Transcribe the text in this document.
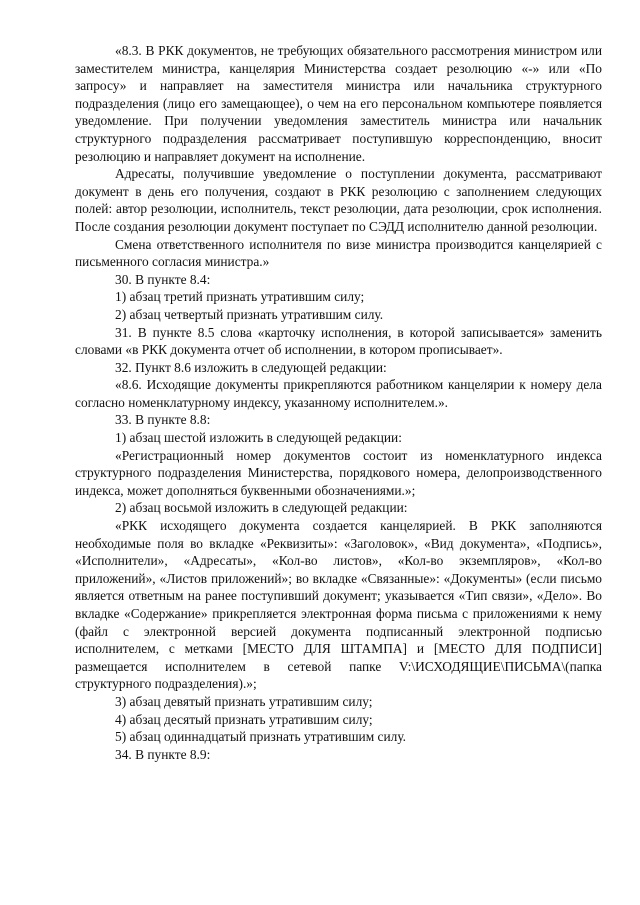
«8.3. В РКК документов, не требующих обязательного рассмотрения министром или заместителем министра, канцелярия Министерства создает резолюцию «-» или «По запросу» и направляет на заместителя министра или начальника структурного подразделения (лицо его замещающее), о чем на его персональном компьютере появляется уведомление. При получении уведомления заместитель министра или начальник структурного подразделения рассматривает поступившую корреспонденцию, вносит резолюцию и направляет документ на исполнение.

Адресаты, получившие уведомление о поступлении документа, рассматривают документ в день его получения, создают в РКК резолюцию с заполнением следующих полей: автор резолюции, исполнитель, текст резолюции, дата резолюции, срок исполнения. После создания резолюции документ поступает по СЭДД исполнителю данной резолюции.

Смена ответственного исполнителя по визе министра производится канцелярией с письменного согласия министра.»

30. В пункте 8.4:

1) абзац третий признать утратившим силу;

2) абзац четвертый признать утратившим силу.

31. В пункте 8.5 слова «карточку исполнения, в которой записывается» заменить словами «в РКК документа отчет об исполнении, в котором прописывает».

32. Пункт 8.6 изложить в следующей редакции:

«8.6. Исходящие документы прикрепляются работником канцелярии к номеру дела согласно номенклатурному индексу, указанному исполнителем.».

33. В пункте 8.8:

1) абзац шестой изложить в следующей редакции:

«Регистрационный номер документов состоит из номенклатурного индекса структурного подразделения Министерства, порядкового номера, делопроизводственного индекса, может дополняться буквенными обозначениями.»;

2) абзац восьмой изложить в следующей редакции:

«РКК исходящего документа создается канцелярией. В РКК заполняются необходимые поля во вкладке «Реквизиты»: «Заголовок», «Вид документа», «Подпись», «Исполнители», «Адресаты», «Кол-во листов», «Кол-во экземпляров», «Кол-во приложений», «Листов приложений»; во вкладке «Связанные»: «Документы» (если письмо является ответным на ранее поступивший документ; указывается «Тип связи», «Дело». Во вкладке «Содержание» прикрепляется электронная форма письма с приложениями к нему (файл с электронной версией документа подписанный электронной подписью исполнителем, с метками [МЕСТО ДЛЯ ШТАМПА] и [МЕСТО ДЛЯ ПОДПИСИ] размещается исполнителем в сетевой папке V:\ИСХОДЯЩИЕ\ПИСЬМА\(папка структурного подразделения).»;

3) абзац девятый признать утратившим силу;

4) абзац десятый признать утратившим силу;

5) абзац одиннадцатый признать утратившим силу.

34. В пункте 8.9:
